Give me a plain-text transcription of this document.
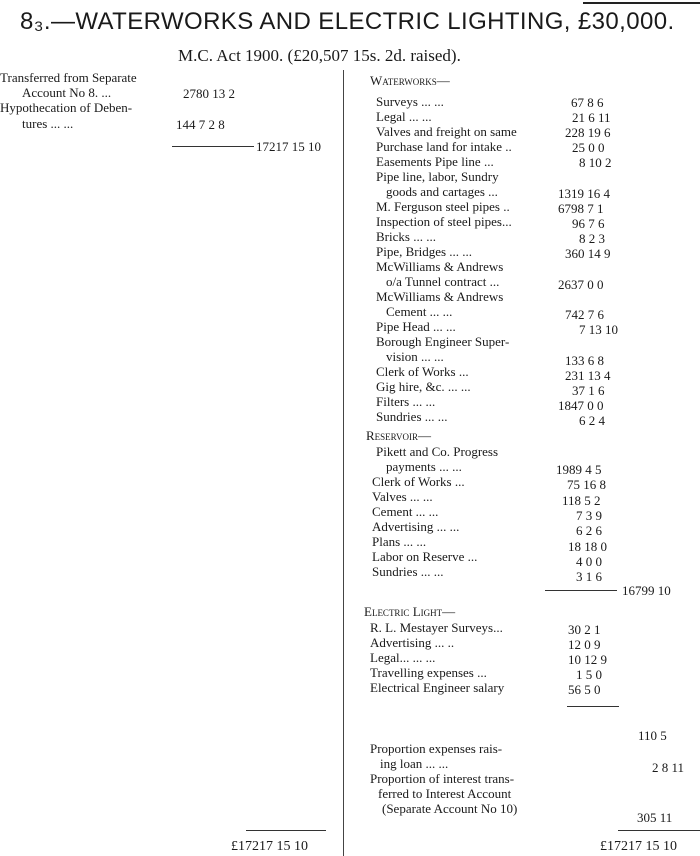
8₃.—WATERWORKS AND ELECTRIC LIGHTING, £30,000.
M.C. Act 1900. (£20,507 15s. 2d. raised).
Transferred from Separate
Account No 8. ...	2780 13 2
Hypothecation of Deben-
tures ... ...	144 7 2 8
17217 15 10
£17217 15 10
Waterworks—
Surveys ... ...	67 8 6
Legal ... ...	21 6 11
Valves and freight on same	228 19 6
Purchase land for intake ..	25 0 0
Easements Pipe line ...	8 10 2
Pipe line, labor, Sundry
goods and cartages ...	1319 16 4
M. Ferguson steel pipes ..	6798 7 1
Inspection of steel pipes...	96 7 6
Bricks ... ...	8 2 3
Pipe, Bridges ... ...	360 14 9
McWilliams & Andrews
o/a Tunnel contract ...	2637 0 0
McWilliams & Andrews
Cement ... ...	742 7 6
Pipe Head ... ...	7 13 10
Borough Engineer Super-
vision ... ...	133 6 8
Clerk of Works ...	231 13 4
Gig hire, &c. ... ...	37 1 6
Filters ... ...	1847 0 0
Sundries ... ...	6 2 4
Reservoir—
Pikett and Co. Progress
payments ... ...	1989 4 5
Clerk of Works ...	75 16 8
Valves ... ...	118 5 2
Cement ... ...	7 3 9
Advertising ... ...	6 2 6
Plans ... ...	18 18 0
Labor on Reserve ...	4 0 0
Sundries ... ...	3 1 6
16799 10
Electric Light—
R. L. Mestayer Surveys...	30 2 1
Advertising ... ..	12 0 9
Legal... ... ...	10 12 9
Travelling expenses ...	1 5 0
Electrical Engineer salary	56 5 0
110 5
Proportion expenses rais-
ing loan ... ...	2 8 11
Proportion of interest trans-
ferred to Interest Account
(Separate Account No 10)
305 11
£17217 15 10
